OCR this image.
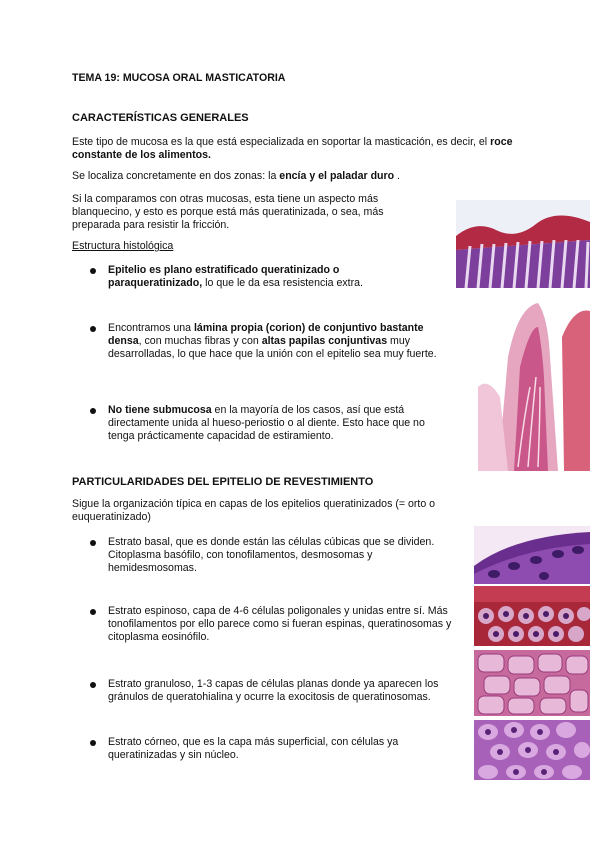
TEMA 19: MUCOSA ORAL MASTICATORIA
CARACTERÍSTICAS GENERALES

Este tipo de mucosa es la que está especializada en soportar la masticación, es decir, el roce constante de los alimentos.

Se localiza concretamente en dos zonas: la encía y el paladar duro .

Si la comparamos con otras mucosas, esta tiene un aspecto más blanquecino, y esto es porque está más queratinizada, o sea, más preparada para resistir la fricción.

Estructura histológica

Epitelio es plano estratificado queratinizado o paraqueratinizado, lo que le da esa resistencia extra.

Encontramos una lámina propia (corion) de conjuntivo bastante densa, con muchas fibras y con altas papilas conjuntivas muy desarrolladas, lo que hace que la unión con el epitelio sea muy fuerte.

No tiene submucosa en la mayoría de los casos, así que está directamente unida al hueso-periostio o al diente. Esto hace que no tenga prácticamente capacidad de estiramiento.

PARTICULARIDADES DEL EPITELIO DE REVESTIMIENTO

Sigue la organización típica en capas de los epitelios queratinizados (= orto o euqueratinizado)

Estrato basal, que es donde están las células cúbicas que se dividen. Citoplasma basófilo, con tonofilamentos, desmosomas y hemidesmosomas.

Estrato espinoso, capa de 4-6 células poligonales y unidas entre sí. Más tonofilamentos por ello parece como si fueran espinas, queratinosomas y citoplasma eosinófilo.

Estrato granuloso, 1-3 capas de células planas donde ya aparecen los gránulos de queratohialina y ocurre la exocitosis de queratinosomas.

Estrato córneo, que es la capa más superficial, con células ya queratinizadas y sin núcleo.
